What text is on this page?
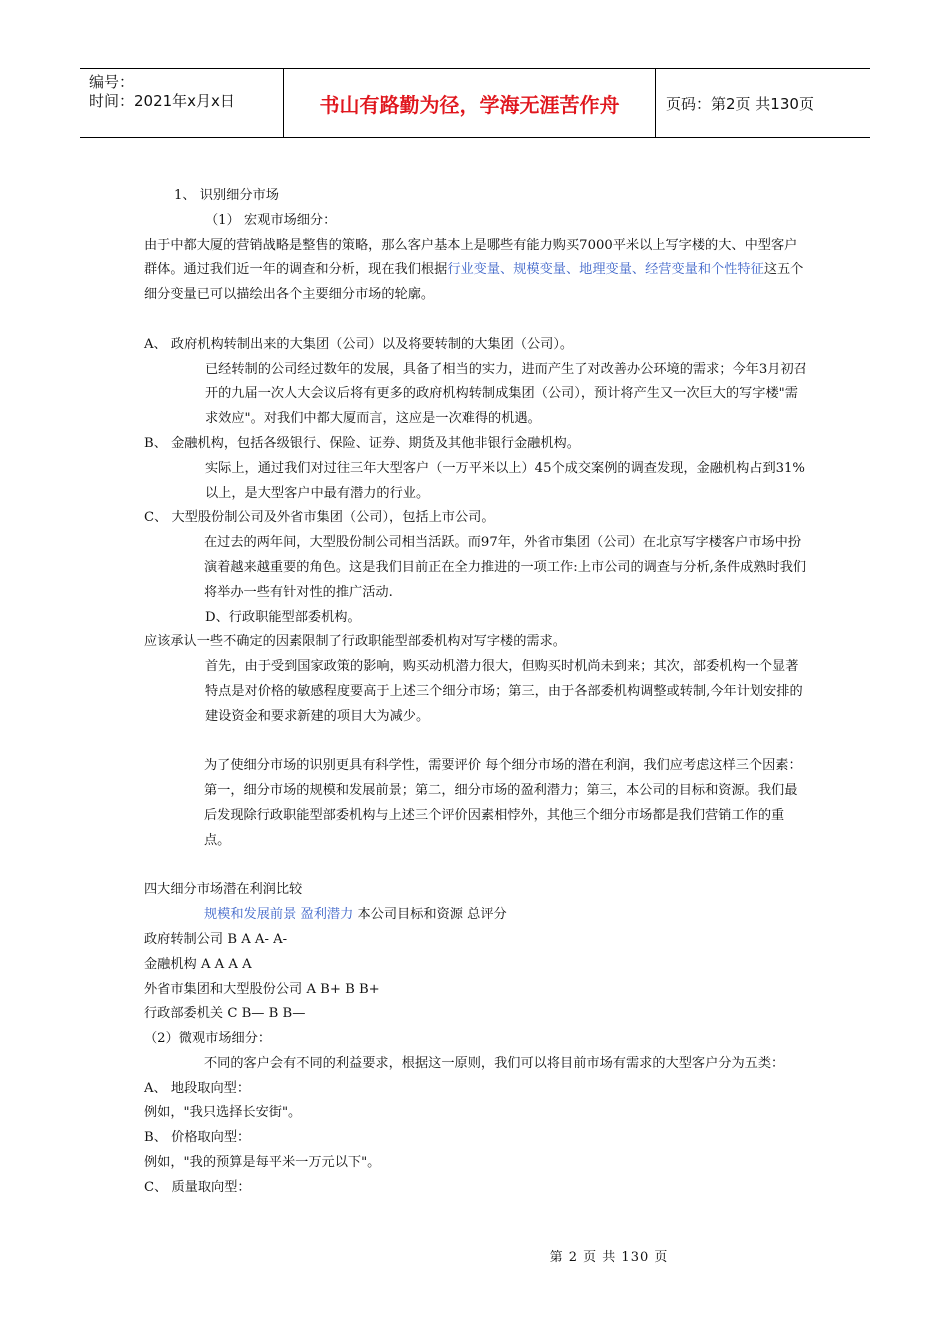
编号：
时间：2021年x月x日	书山有路勤为径，学海无涯苦作舟	页码：第2页 共130页

1、 识别细分市场

（1） 宏观市场细分：

由于中都大厦的营销战略是整售的策略，那么客户基本上是哪些有能力购买7000平米以上写字楼的大、中型客户群体。通过我们近一年的调查和分析，现在我们根据行业变量、规模变量、地理变量、经营变量和个性特征这五个细分变量已可以描绘出各个主要细分市场的轮廓。

A、 政府机构转制出来的大集团（公司）以及将要转制的大集团（公司）。

已经转制的公司经过数年的发展，具备了相当的实力，进而产生了对改善办公环境的需求；今年3月初召开的九届一次人大会议后将有更多的政府机构转制成集团（公司），预计将产生又一次巨大的写字楼"需求效应"。对我们中都大厦而言，这应是一次难得的机遇。

B、 金融机构，包括各级银行、保险、证券、期货及其他非银行金融机构。

实际上，通过我们对过往三年大型客户（一万平米以上）45个成交案例的调查发现，金融机构占到31%以上，是大型客户中最有潜力的行业。

C、 大型股份制公司及外省市集团（公司），包括上市公司。

在过去的两年间，大型股份制公司相当活跃。而97年，外省市集团（公司）在北京写字楼客户市场中扮演着越来越重要的角色。这是我们目前正在全力推进的一项工作:上市公司的调查与分析,条件成熟时我们将举办一些有针对性的推广活动.

D、行政职能型部委机构。

应该承认一些不确定的因素限制了行政职能型部委机构对写字楼的需求。

首先，由于受到国家政策的影响，购买动机潜力很大，但购买时机尚未到来；其次，部委机构一个显著特点是对价格的敏感程度要高于上述三个细分市场；第三，由于各部委机构调整或转制,今年计划安排的建设资金和要求新建的项目大为减少。

为了使细分市场的识别更具有科学性，需要评价 每个细分市场的潜在利润，我们应考虑这样三个因素：第一，细分市场的规模和发展前景；第二，细分市场的盈利潜力；第三，本公司的目标和资源。我们最后发现除行政职能型部委机构与上述三个评价因素相悖外，其他三个细分市场都是我们营销工作的重点。

四大细分市场潜在利润比较

规模和发展前景 盈利潜力 本公司目标和资源 总评分

政府转制公司 B A A- A-

金融机构 A A A A

外省市集团和大型股份公司 A B+ B B+

行政部委机关 C B— B B—

（2）微观市场细分：

不同的客户会有不同的利益要求，根据这一原则，我们可以将目前市场有需求的大型客户分为五类：

A、 地段取向型：

例如，"我只选择长安街"。

B、 价格取向型：

例如，"我的预算是每平米一万元以下"。

C、 质量取向型：

第 2 页 共 130 页
